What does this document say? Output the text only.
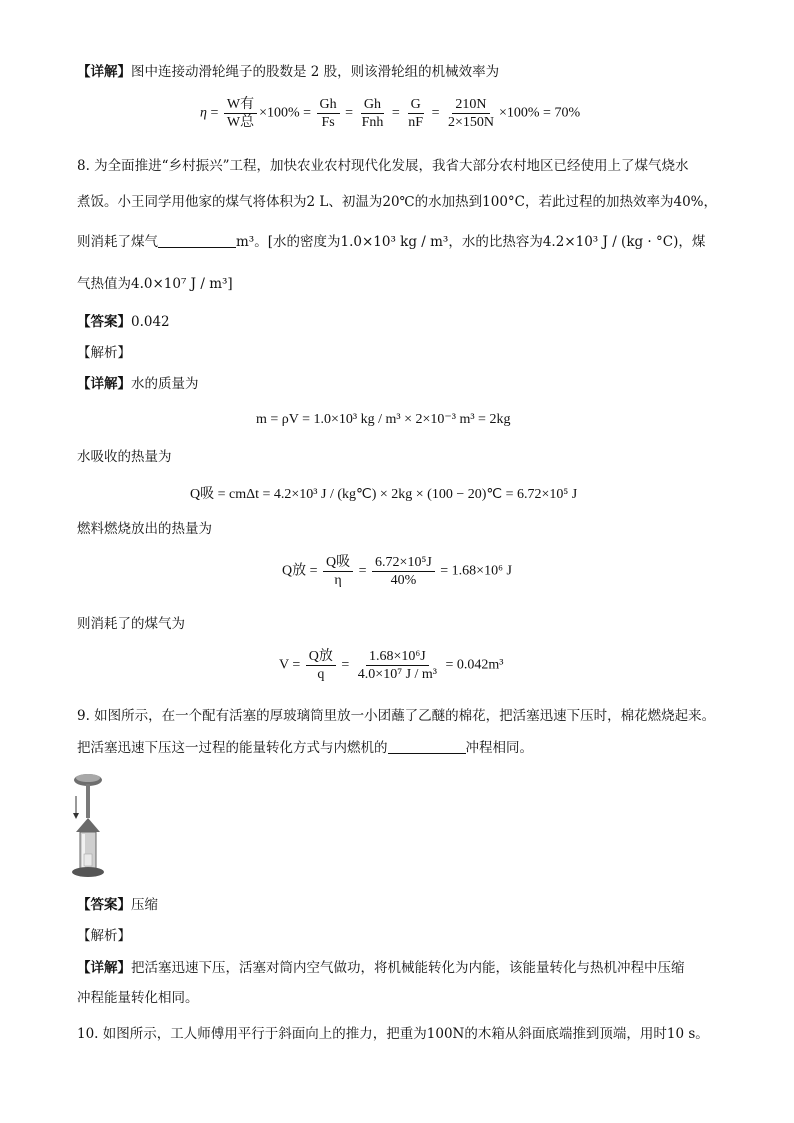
【详解】图中连接动滑轮绳子的股数是 2 股，则该滑轮组的机械效率为
$\eta = \frac{\text{W有}}{\text{W总}} \times 100\% = \frac{Gh}{Fs} = \frac{Gh}{\text{Fnh}} = \frac{G}{nF} = \frac{210N}{2\times 150N} \times 100\% = 70\%$
8. 为全面推进“乡村振兴”工程，加快农业农村现代化发展，我省大部分农村地区已经使用上了煤气烧水
煮饭。小王同学用他家的煤气将体积为2 L、初温为20℃的水加热到100°C，若此过程的加热效率为40%，
则消耗了煤气	m³。[水的密度为1.0×10³ kg / m³，水的比热容为4.2×10³ J / (kg · °C)，煤
气热值为4.0×10⁷ J / m³]
【答案】0.042
【解析】
【详解】水的质量为
m = ρV = 1.0×10³ kg / m³ × 2×10⁻³ m³ = 2kg
水吸收的热量为
Q吸 = cmΔt = 4.2×10³ J / (kg℃) × 2kg × (100 − 20)℃ = 6.72×10⁵ J
燃料燃烧放出的热量为
Q放 = $\frac{\text{Q吸}}{\eta} = \frac{\text{6.72×10⁵J}}{40\%} = 1.68\times 10^6$ J
则消耗了的煤气为
$V = \frac{\text{Q放}}{q} = \frac{\text{1.68×10⁶J}}{\text{4.0×10⁷ J / m³}} = 0.042m^3$
9. 如图所示，在一个配有活塞的厚玻璃筒里放一小团蘸了乙醚的棉花，把活塞迅速下压时，棉花燃烧起来。
把活塞迅速下压这一过程的能量转化方式与内燃机的	冲程相同。
【答案】压缩
【解析】
【详解】把活塞迅速下压，活塞对筒内空气做功，将机械能转化为内能，该能量转化与热机冲程中压缩
冲程能量转化相同。
10. 如图所示，工人师傅用平行于斜面向上的推力，把重为100N的木箱从斜面底端推到顶端，用时10 s。
